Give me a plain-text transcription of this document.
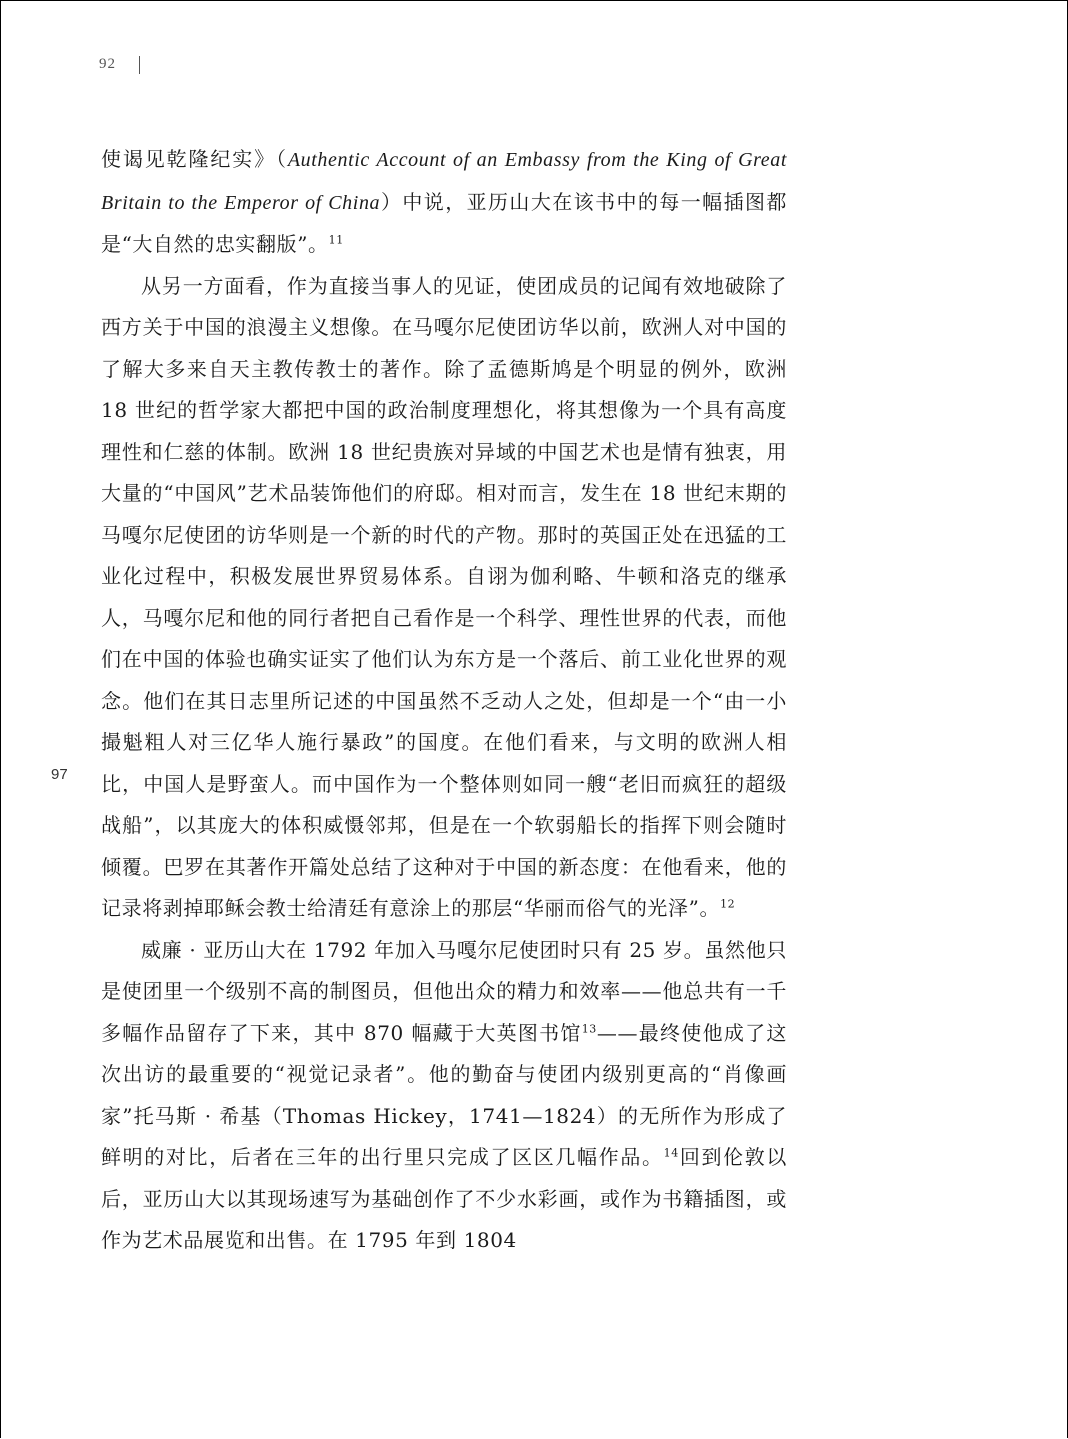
92
97

使谒见乾隆纪实》（Authentic Account of an Embassy from the King of Great Britain to the Emperor of China）中说，亚历山大在该书中的每一幅插图都是“大自然的忠实翻版”。$^{11}$

从另一方面看，作为直接当事人的见证，使团成员的记闻有效地破除了西方关于中国的浪漫主义想像。在马嘎尔尼使团访华以前，欧洲人对中国的了解大多来自天主教传教士的著作。除了孟德斯鸠是个明显的例外，欧洲 18 世纪的哲学家大都把中国的政治制度理想化，将其想像为一个具有高度理性和仁慈的体制。欧洲 18 世纪贵族对异域的中国艺术也是情有独衷，用大量的“中国风”艺术品装饰他们的府邸。相对而言，发生在 18 世纪末期的马嘎尔尼使团的访华则是一个新的时代的产物。那时的英国正处在迅猛的工业化过程中，积极发展世界贸易体系。自诩为伽利略、牛顿和洛克的继承人，马嘎尔尼和他的同行者把自己看作是一个科学、理性世界的代表，而他们在中国的体验也确实证实了他们认为东方是一个落后、前工业化世界的观念。他们在其日志里所记述的中国虽然不乏动人之处，但却是一个“由一小撮魁粗人对三亿华人施行暴政”的国度。在他们看来，与文明的欧洲人相比，中国人是野蛮人。而中国作为一个整体则如同一艘“老旧而疯狂的超级战船”，以其庞大的体积威慑邻邦，但是在一个软弱船长的指挥下则会随时倾覆。巴罗在其著作开篇处总结了这种对于中国的新态度：在他看来，他的记录将剥掉耶稣会教士给清廷有意涂上的那层“华丽而俗气的光泽”。$^{12}$

威廉 · 亚历山大在 1792 年加入马嘎尔尼使团时只有 25 岁。虽然他只是使团里一个级别不高的制图员，但他出众的精力和效率——他总共有一千多幅作品留存了下来，其中 870 幅藏于大英图书馆$^{13}$——最终使他成了这次出访的最重要的“视觉记录者”。他的勤奋与使团内级别更高的“肖像画家”托马斯 · 希基（Thomas Hickey，1741—1824）的无所作为形成了鲜明的对比，后者在三年的出行里只完成了区区几幅作品。$^{14}$回到伦敦以后，亚历山大以其现场速写为基础创作了不少水彩画，或作为书籍插图，或作为艺术品展览和出售。在 1795 年到 1804
